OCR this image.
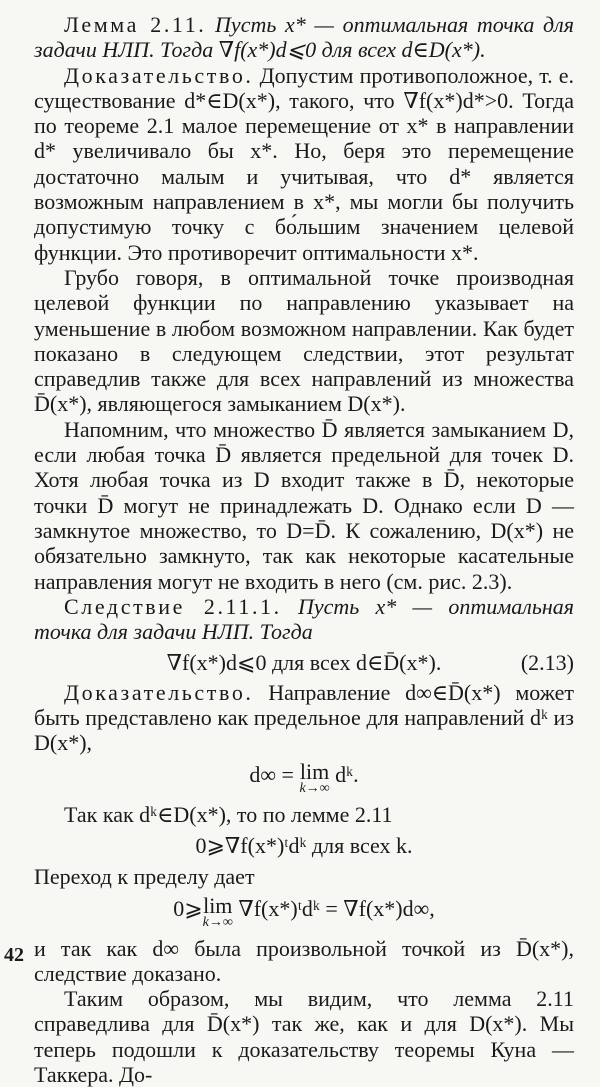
Лемма 2.11. Пусть x* — оптимальная точка для задачи НЛП. Тогда ∇f(x*)d⩽0 для всех d∈D(x*).

Доказательство. Допустим противоположное, т. е. существование d*∈D(x*), такого, что ∇f(x*)d*>0. Тогда по теореме 2.1 малое перемещение от x* в направлении d* увеличивало бы x*. Но, беря это перемещение достаточно малым и учитывая, что d* является возможным направлением в x*, мы могли бы получить допустимую точку с бо́льшим значением целевой функции. Это противоречит оптимальности x*.

Грубо говоря, в оптимальной точке производная целевой функции по направлению указывает на уменьшение в любом возможном направлении. Как будет показано в следующем следствии, этот результат справедлив также для всех направлений из множества D̄(x*), являющегося замыканием D(x*).

Напомним, что множество D̄ является замыканием D, если любая точка D̄ является предельной для точек D. Хотя любая точка из D входит также в D̄, некоторые точки D̄ могут не принадлежать D. Однако если D — замкнутое множество, то D=D̄. К сожалению, D(x*) не обязательно замкнуто, так как некоторые касательные направления могут не входить в него (см. рис. 2.3).

Следствие 2.11.1. Пусть x* — оптимальная точка для задачи НЛП. Тогда

∇f(x*)d⩽0 для всех d∈D̄(x*).	(2.13)

Доказательство. Направление d∞∈D̄(x*) может быть представлено как предельное для направлений dᵏ из D(x*),

d∞ = lim
k→∞
dᵏ.

Так как dᵏ∈D(x*), то по лемме 2.11

0⩾∇f(x*)ᵗdᵏ для всех k.

Переход к пределу дает

0⩾ lim
k→∞
∇f(x*)ᵗdᵏ = ∇f(x*)d∞,

и так как d∞ была произвольной точкой из D̄(x*), следствие доказано.

Таким образом, мы видим, что лемма 2.11 справедлива для D̄(x*) так же, как и для D(x*). Мы теперь подошли к доказательству теоремы Куна — Таккера. До-

42
